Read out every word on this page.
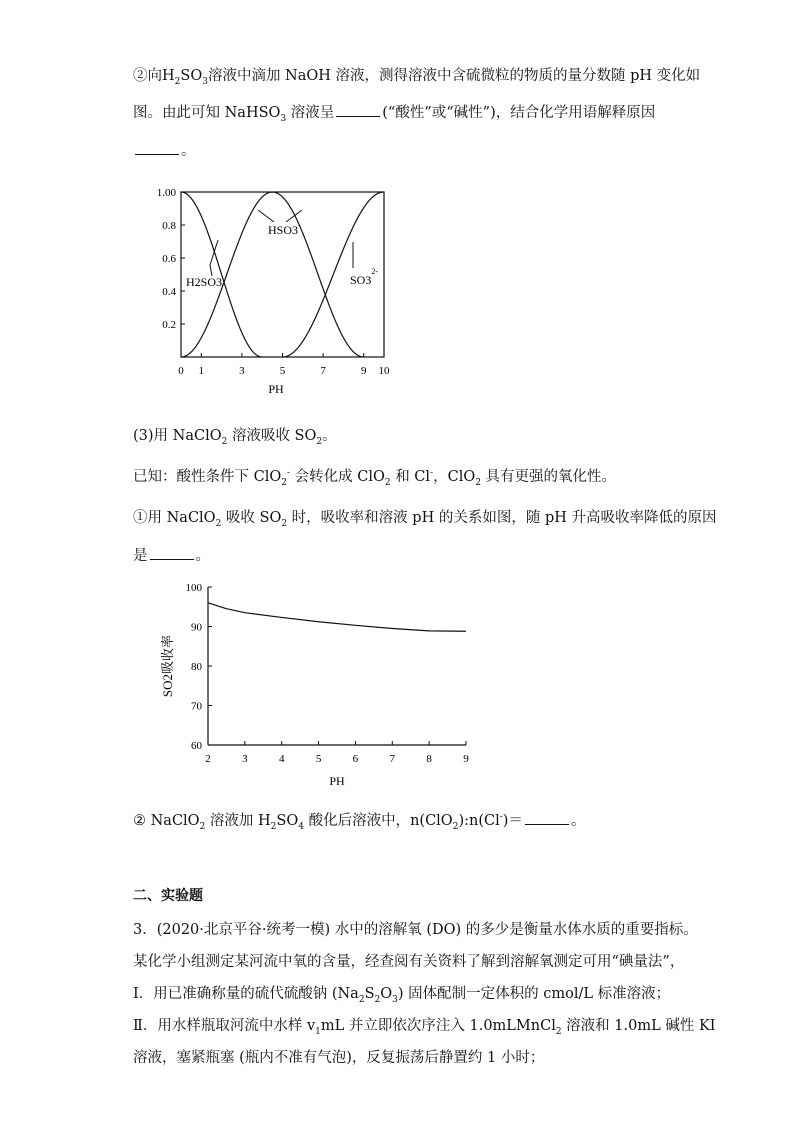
②向$H_2SO_3$溶液中滴加 NaOH 溶液，测得溶液中含硫微粒的物质的量分数随 pH 变化如
图。由此可知 NaHSO$_3$ 溶液呈	(“酸性”或“碱性”)，结合化学用语解释原因
。
0.2
0.4
0.6
0.8
1.00
0 1	3	5	7	9 10
H2SO3
HSO3-
$SO3^{2-}$
PH
(3)用 NaClO$_2$ 溶液吸收 $SO_2$。
已知：酸性条件下 ClO$_2$- 会转化成 ClO$_2$ 和 Cl-，ClO$_2$ 具有更强的氧化性。
①用 NaClO$_2$ 吸收 $SO_2$ 时，吸收率和溶液 pH 的关系如图，随 pH 升高吸收率降低的原因
是	。
60
70
80
90
100
2	3	4	5	6	7	8	9
SO2吸收率
PH
② NaClO$_2$ 溶液加 $H_2SO_4$ 酸化后溶液中，n(ClO$_2$):n(Cl-)＝	。
二、实验题
3．(2020·北京平谷·统考一模) 水中的溶解氧 (DO) 的多少是衡量水体水质的重要指标。
某化学小组测定某河流中氧的含量，经查阅有关资料了解到溶解氧测定可用“碘量法”，
Ⅰ．用已准确称量的硫代硫酸钠 $(Na_2S_2O_3)$ 固体配制一定体积的 cmol/L 标准溶液；
Ⅱ．用水样瓶取河流中水样 $v_1mL$ 并立即依次序注入 1.0mLMnCl$_2$ 溶液和 1.0mL 碱性 KI
溶液，塞紧瓶塞 (瓶内不准有气泡)，反复振荡后静置约 1 小时；
